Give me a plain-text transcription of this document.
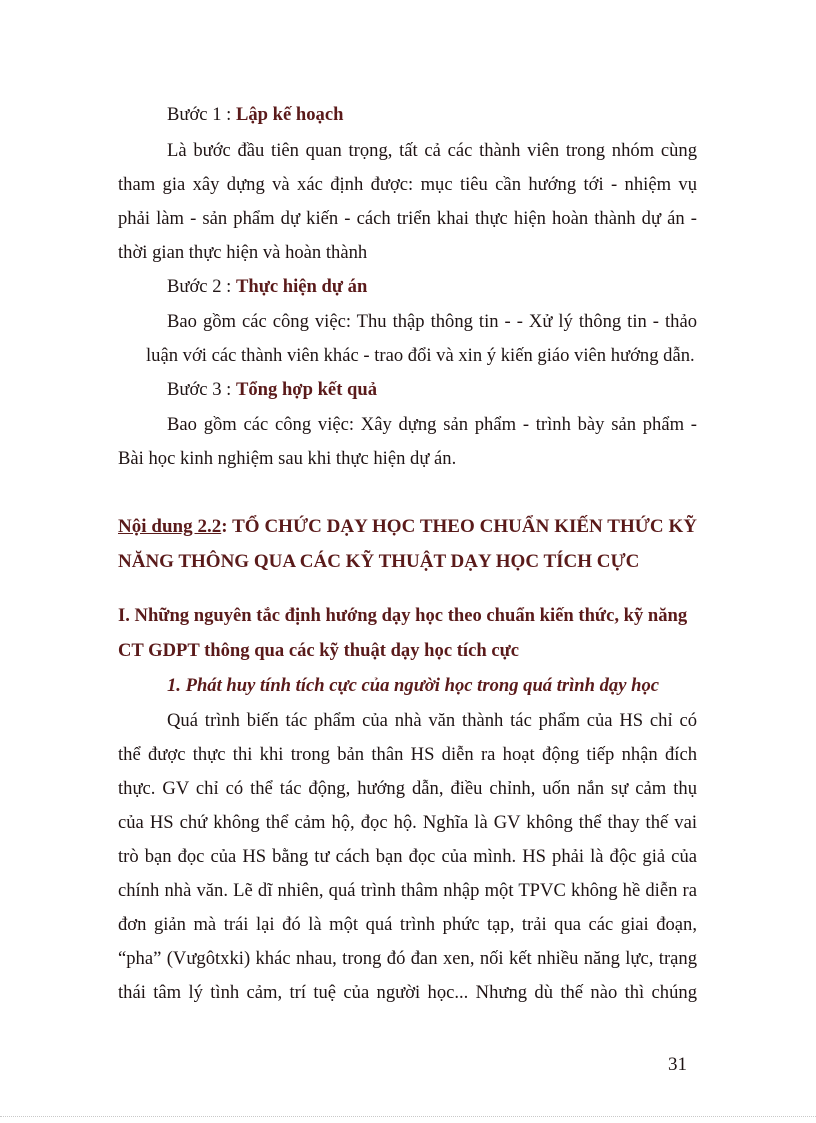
Bước 1 : Lập kế hoạch
Là bước đầu tiên quan trọng, tất cả các thành viên trong nhóm cùng
tham gia xây dựng và xác định được: mục tiêu cần hướng tới - nhiệm vụ
phải làm - sản phẩm dự kiến - cách triển khai thực hiện hoàn thành dự án -
thời gian thực hiện và hoàn thành
Bước 2 : Thực hiện dự án
Bao gồm các công việc: Thu thập thông tin - - Xử lý thông tin - thảo
luận với các thành viên khác - trao đổi và xin ý kiến giáo viên hướng dẫn.
Bước 3 : Tổng hợp kết quả
Bao gồm các công việc: Xây dựng sản phẩm - trình bày sản phẩm -
Bài học kinh nghiệm sau khi thực hiện dự án.
Nội dung 2.2: TỔ CHỨC DẠY HỌC THEO CHUẨN KIẾN THỨC KỸ
NĂNG THÔNG QUA CÁC KỸ THUẬT DẠY HỌC TÍCH CỰC
I. Những nguyên tắc định hướng dạy học theo chuẩn kiến thức, kỹ năng
CT GDPT thông qua các kỹ thuật dạy học tích cực
1. Phát huy tính tích cực của người học trong quá trình dạy học
Quá trình biến tác phẩm của nhà văn thành tác phẩm của HS chỉ có
thể được thực thi khi trong bản thân HS diễn ra hoạt động tiếp nhận đích
thực. GV chỉ có thể tác động, hướng dẫn, điều chỉnh, uốn nắn sự cảm thụ
của HS chứ không thể cảm hộ, đọc hộ. Nghĩa là GV không thể thay thế vai
trò bạn đọc của HS bằng tư cách bạn đọc của mình. HS phải là độc giả của
chính nhà văn. Lẽ dĩ nhiên, quá trình thâm nhập một TPVC không hề diễn ra
đơn giản mà trái lại đó là một quá trình phức tạp, trải qua các giai đoạn,
“pha” (Vưgôtxki) khác nhau, trong đó đan xen, nối kết nhiều năng lực, trạng
thái tâm lý tình cảm, trí tuệ của người học... Nhưng dù thế nào thì chúng
31
